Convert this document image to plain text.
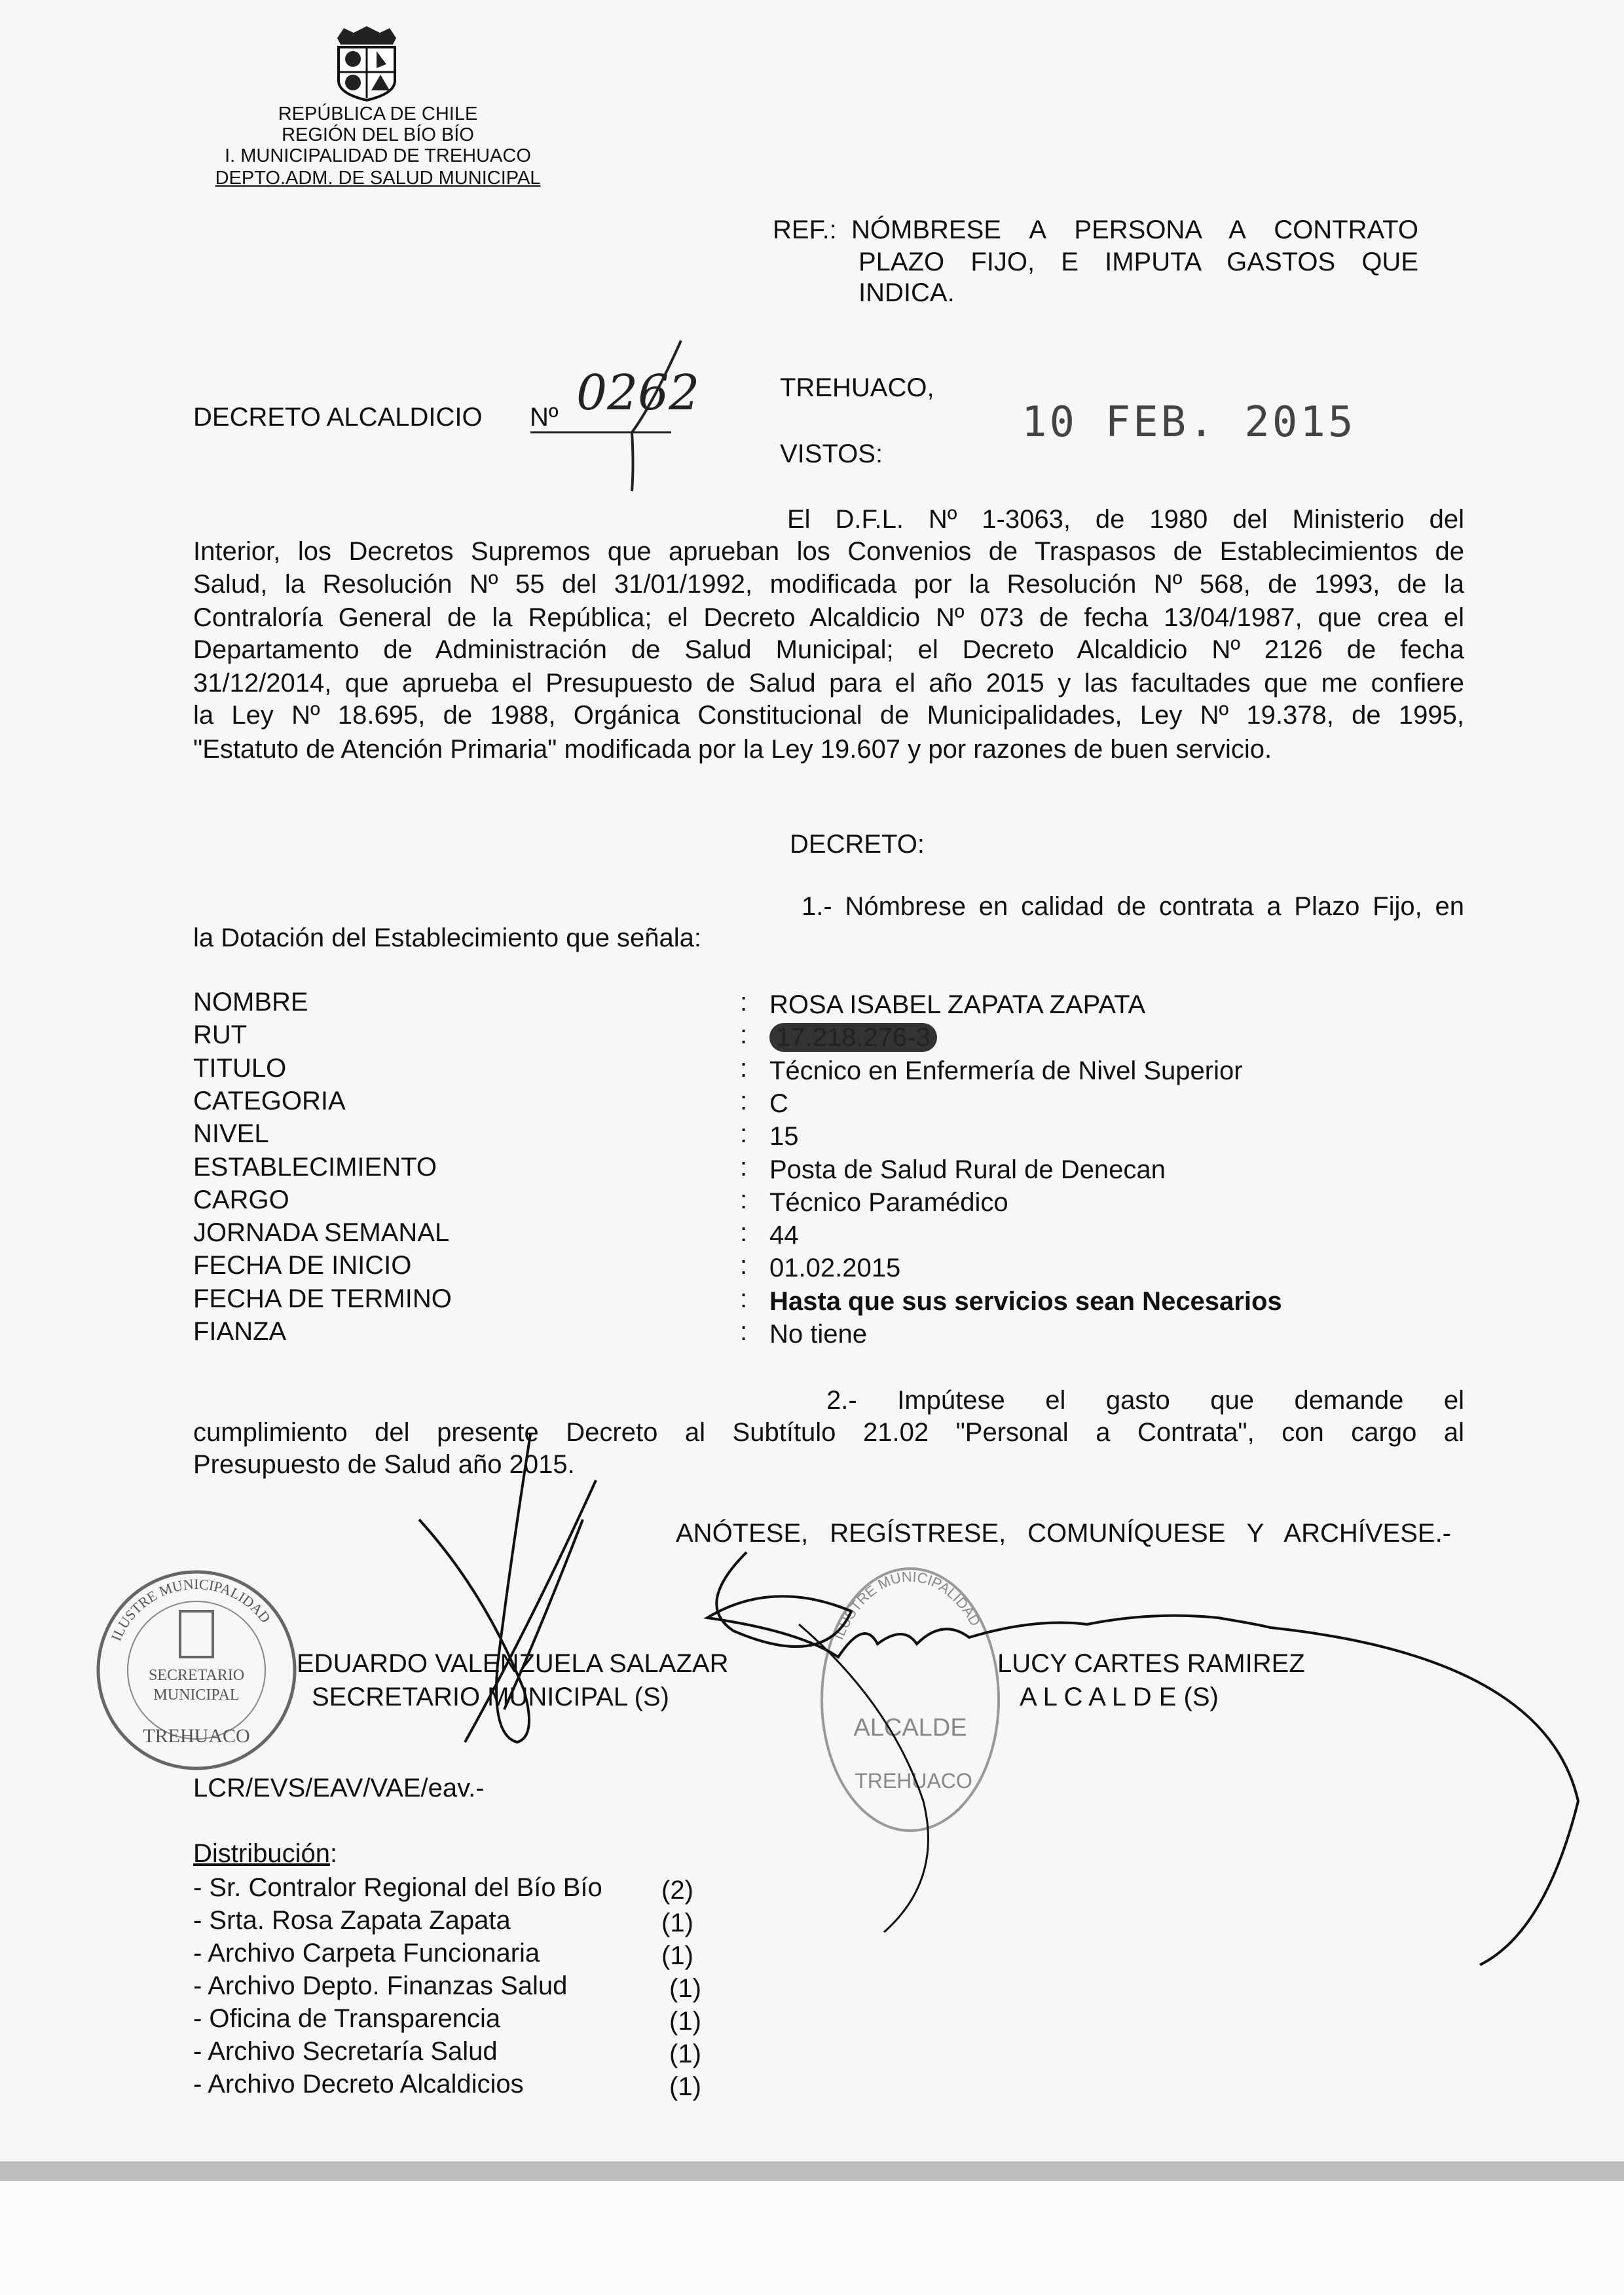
REPÚBLICA DE CHILE
REGIÓN DEL BÍO BÍO
I. MUNICIPALIDAD DE TREHUACO
DEPTO.ADM. DE SALUD MUNICIPAL
REF.: NÓMBRESE A PERSONA A CONTRATO
PLAZO FIJO, E IMPUTA GASTOS QUE
INDICA.
DECRETO ALCALDICIO Nº 0262	TREHUACO,
10 FEB. 2015
VISTOS:
El D.F.L. Nº 1-3063, de 1980 del Ministerio del
Interior, los Decretos Supremos que aprueban los Convenios de Traspasos de Establecimientos de
Salud, la Resolución Nº 55 del 31/01/1992, modificada por la Resolución Nº 568, de 1993, de la
Contraloría General de la República; el Decreto Alcaldicio Nº 073 de fecha 13/04/1987, que crea el
Departamento de Administración de Salud Municipal; el Decreto Alcaldicio Nº 2126 de fecha
31/12/2014, que aprueba el Presupuesto de Salud para el año 2015 y las facultades que me confiere
la Ley Nº 18.695, de 1988, Orgánica Constitucional de Municipalidades, Ley Nº 19.378, de 1995,
"Estatuto de Atención Primaria" modificada por la Ley 19.607 y por razones de buen servicio.
DECRETO:
1.- Nómbrese en calidad de contrata a Plazo Fijo, en
la Dotación del Establecimiento que señala:
NOMBRE	: ROSA ISABEL ZAPATA ZAPATA
RUT	: 17.218.276-3
TITULO	: Técnico en Enfermería de Nivel Superior
CATEGORIA	: C
NIVEL	: 15
ESTABLECIMIENTO	: Posta de Salud Rural de Denecan
CARGO	: Técnico Paramédico
JORNADA SEMANAL	: 44
FECHA DE INICIO	: 01.02.2015
FECHA DE TERMINO	: Hasta que sus servicios sean Necesarios
FIANZA	: No tiene
2.- Impútese el gasto que demande el
cumplimiento del presente Decreto al Subtítulo 21.02 "Personal a Contrata", con cargo al
Presupuesto de Salud año 2015.
ANÓTESE, REGÍSTRESE, COMUNÍQUESE Y ARCHÍVESE.-
ILUSTRE MUNICIPALIDAD
SECRETARIO
MUNICIPAL
TREHUACO
ILUSTRE MUNICIPALIDAD
ALCALDE
TREHUACO
EDUARDO VALENZUELA SALAZAR
SECRETARIO MUNICIPAL (S)
LUCY CARTES RAMIREZ
A L C A L D E (S)
LCR/EVS/EAV/VAE/eav.-
Distribución:
- Sr. Contralor Regional del Bío Bío (2)
- Srta. Rosa Zapata Zapata	(1)
- Archivo Carpeta Funcionaria	(1)
- Archivo Depto. Finanzas Salud	(1)
- Oficina de Transparencia	(1)
- Archivo Secretaría Salud	(1)
- Archivo Decreto Alcaldicios	(1)
